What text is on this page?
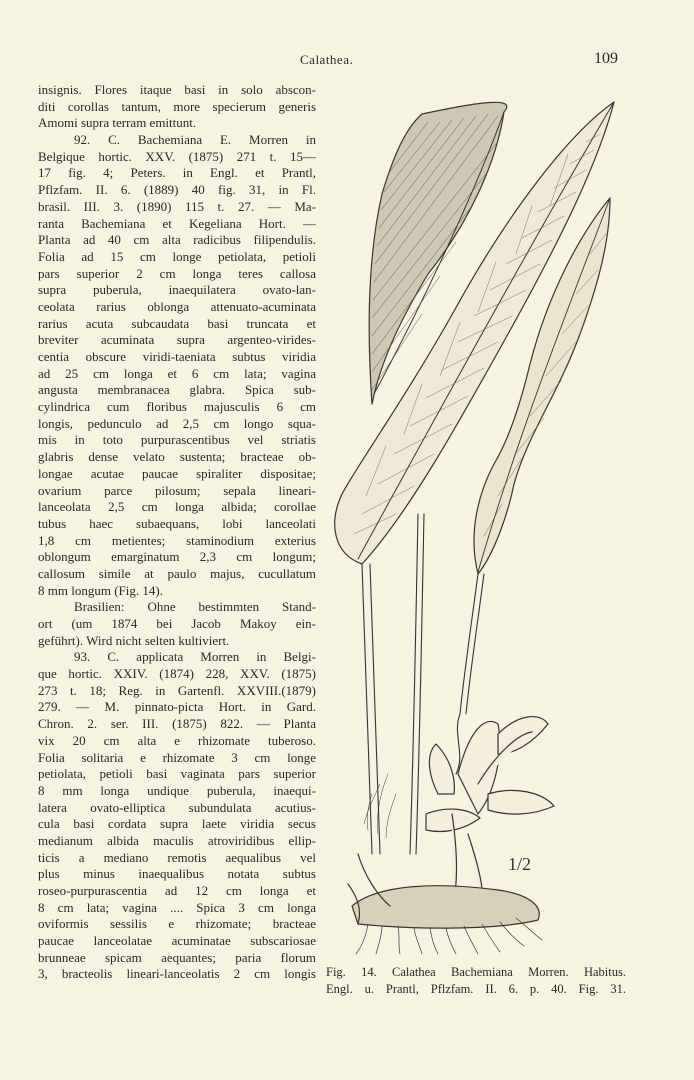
Calathea.	109
insignis. Flores itaque basi in solo abscon-
diti corollas tantum, more specierum generis
Amomi supra terram emittunt.
92. C. Bachemiana E. Morren in
Belgique hortic. XXV. (1875) 271 t. 15—
17 fig. 4; Peters. in Engl. et Prantl,
Pflzfam. II. 6. (1889) 40 fig. 31, in Fl.
brasil. III. 3. (1890) 115 t. 27. — Ma-
ranta Bachemiana et Kegeliana Hort. —
Planta ad 40 cm alta radicibus filipendulis.
Folia ad 15 cm longe petiolata, petioli
pars superior 2 cm longa teres callosa
supra puberula, inaequilatera ovato-lan-
ceolata rarius oblonga attenuato-acuminata
rarius acuta subcaudata basi truncata et
breviter acuminata supra argenteo-virides-
centia obscure viridi-taeniata subtus viridia
ad 25 cm longa et 6 cm lata; vagina
angusta membranacea glabra. Spica sub-
cylindrica cum floribus majusculis 6 cm
longis, pedunculo ad 2,5 cm longo squa-
mis in toto purpurascentibus vel striatis
glabris dense velato sustenta; bracteae ob-
longae acutae paucae spiraliter dispositae;
ovarium parce pilosum; sepala lineari-
lanceolata 2,5 cm longa albida; corollae
tubus haec subaequans, lobi lanceolati
1,8 cm metientes; staminodium exterius
oblongum emarginatum 2,3 cm longum;
callosum simile at paulo majus, cucullatum
8 mm longum (Fig. 14).
Brasilien: Ohne bestimmten Stand-
ort (um 1874 bei Jacob Makoy ein-
geführt). Wird nicht selten kultiviert.
93. C. applicata Morren in Belgi-
que hortic. XXIV. (1874) 228, XXV. (1875)
273 t. 18; Reg. in Gartenfl. XXVIII.(1879)
279. — M. pinnato-picta Hort. in Gard.
Chron. 2. ser. III. (1875) 822. — Planta
vix 20 cm alta e rhizomate tuberoso.
Folia solitaria e rhizomate 3 cm longe
petiolata, petioli basi vaginata pars superior
8 mm longa undique puberula, inaequi-
latera ovato-elliptica subundulata acutius-
cula basi cordata supra laete viridia secus
medianum albida maculis atroviridibus ellip-
ticis a mediano remotis aequalibus vel
plus minus inaequalibus notata subtus
roseo-purpurascentia ad 12 cm longa et
8 cm lata; vagina .... Spica 3 cm longa
oviformis sessilis e rhizomate; bracteae
paucae lanceolatae acuminatae subscariosae
brunneae spicam aequantes; paria florum
3, bracteolis lineari-lanceolatis 2 cm longis
1/2
Fig. 14. Calathea Bachemiana Morren. Habitus.
Engl. u. Prantl, Pflzfam. II. 6. p. 40. Fig. 31.
